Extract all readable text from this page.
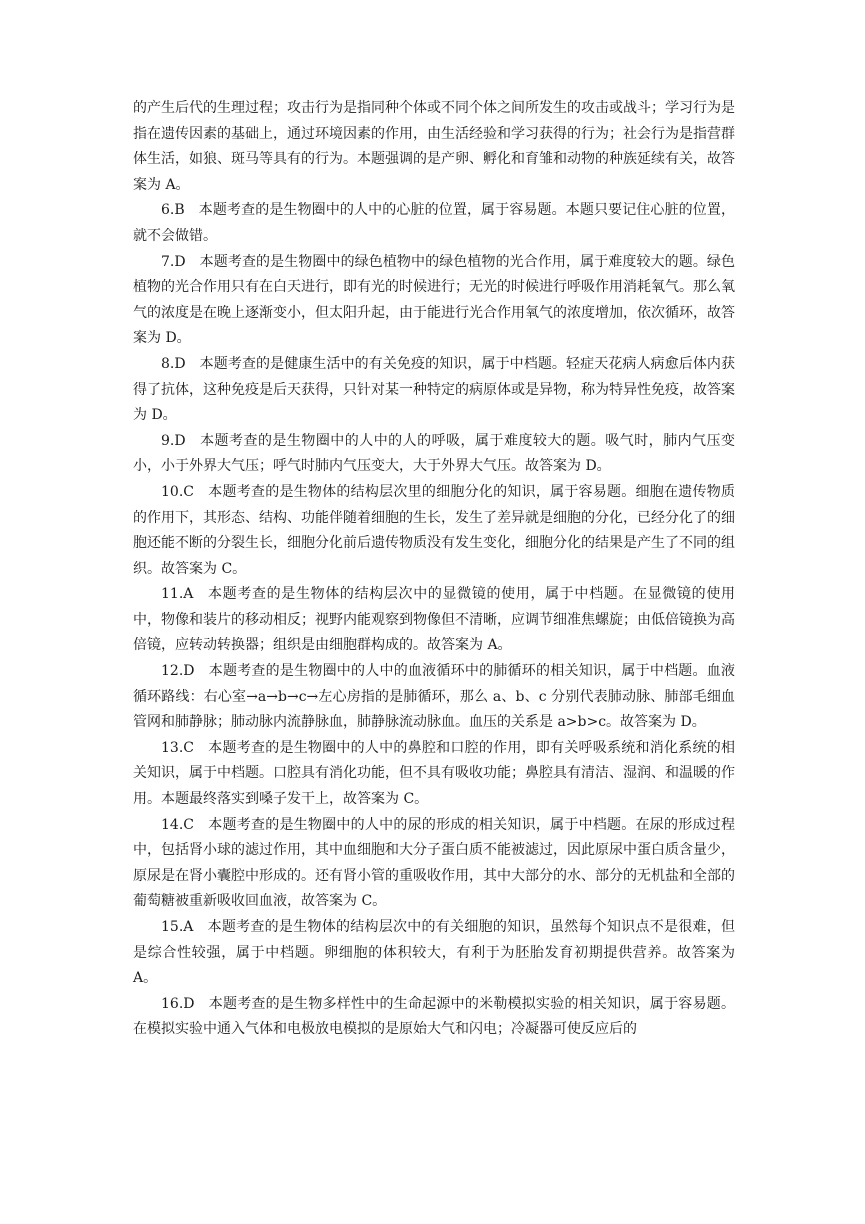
的产生后代的生理过程；攻击行为是指同种个体或不同个体之间所发生的攻击或战斗；学习行为是指在遗传因素的基础上，通过环境因素的作用，由生活经验和学习获得的行为；社会行为是指营群体生活，如狼、斑马等具有的行为。本题强调的是产卵、孵化和育雏和动物的种族延续有关，故答案为 A。

6.B 本题考查的是生物圈中的人中的心脏的位置，属于容易题。本题只要记住心脏的位置，就不会做错。

7.D 本题考查的是生物圈中的绿色植物中的绿色植物的光合作用，属于难度较大的题。绿色植物的光合作用只有在白天进行，即有光的时候进行；无光的时候进行呼吸作用消耗氧气。那么氧气的浓度是在晚上逐渐变小，但太阳升起，由于能进行光合作用氧气的浓度增加，依次循环，故答案为 D。

8.D 本题考查的是健康生活中的有关免疫的知识，属于中档题。轻症天花病人病愈后体内获得了抗体，这种免疫是后天获得，只针对某一种特定的病原体或是异物，称为特异性免疫，故答案为 D。

9.D 本题考查的是生物圈中的人中的人的呼吸，属于难度较大的题。吸气时，肺内气压变小，小于外界大气压；呼气时肺内气压变大，大于外界大气压。故答案为 D。

10.C 本题考查的是生物体的结构层次里的细胞分化的知识，属于容易题。细胞在遗传物质的作用下，其形态、结构、功能伴随着细胞的生长，发生了差异就是细胞的分化，已经分化了的细胞还能不断的分裂生长，细胞分化前后遗传物质没有发生变化，细胞分化的结果是产生了不同的组织。故答案为 C。

11.A 本题考查的是生物体的结构层次中的显微镜的使用，属于中档题。在显微镜的使用中，物像和装片的移动相反；视野内能观察到物像但不清晰，应调节细准焦螺旋；由低倍镜换为高倍镜，应转动转换器；组织是由细胞群构成的。故答案为 A。

12.D 本题考查的是生物圈中的人中的血液循环中的肺循环的相关知识，属于中档题。血液循环路线：右心室→a→b→c→左心房指的是肺循环，那么 a、b、c 分别代表肺动脉、肺部毛细血管网和肺静脉；肺动脉内流静脉血，肺静脉流动脉血。血压的关系是 a>b>c。故答案为 D。

13.C 本题考查的是生物圈中的人中的鼻腔和口腔的作用，即有关呼吸系统和消化系统的相关知识，属于中档题。口腔具有消化功能，但不具有吸收功能；鼻腔具有清洁、湿润、和温暖的作用。本题最终落实到嗓子发干上，故答案为 C。

14.C 本题考查的是生物圈中的人中的尿的形成的相关知识，属于中档题。在尿的形成过程中，包括肾小球的滤过作用，其中血细胞和大分子蛋白质不能被滤过，因此原尿中蛋白质含量少，原尿是在肾小囊腔中形成的。还有肾小管的重吸收作用，其中大部分的水、部分的无机盐和全部的葡萄糖被重新吸收回血液，故答案为 C。

15.A 本题考查的是生物体的结构层次中的有关细胞的知识，虽然每个知识点不是很难，但是综合性较强，属于中档题。卵细胞的体积较大，有利于为胚胎发育初期提供营养。故答案为 A。

16.D 本题考查的是生物多样性中的生命起源中的米勒模拟实验的相关知识，属于容易题。在模拟实验中通入气体和电极放电模拟的是原始大气和闪电；冷凝器可使反应后的
